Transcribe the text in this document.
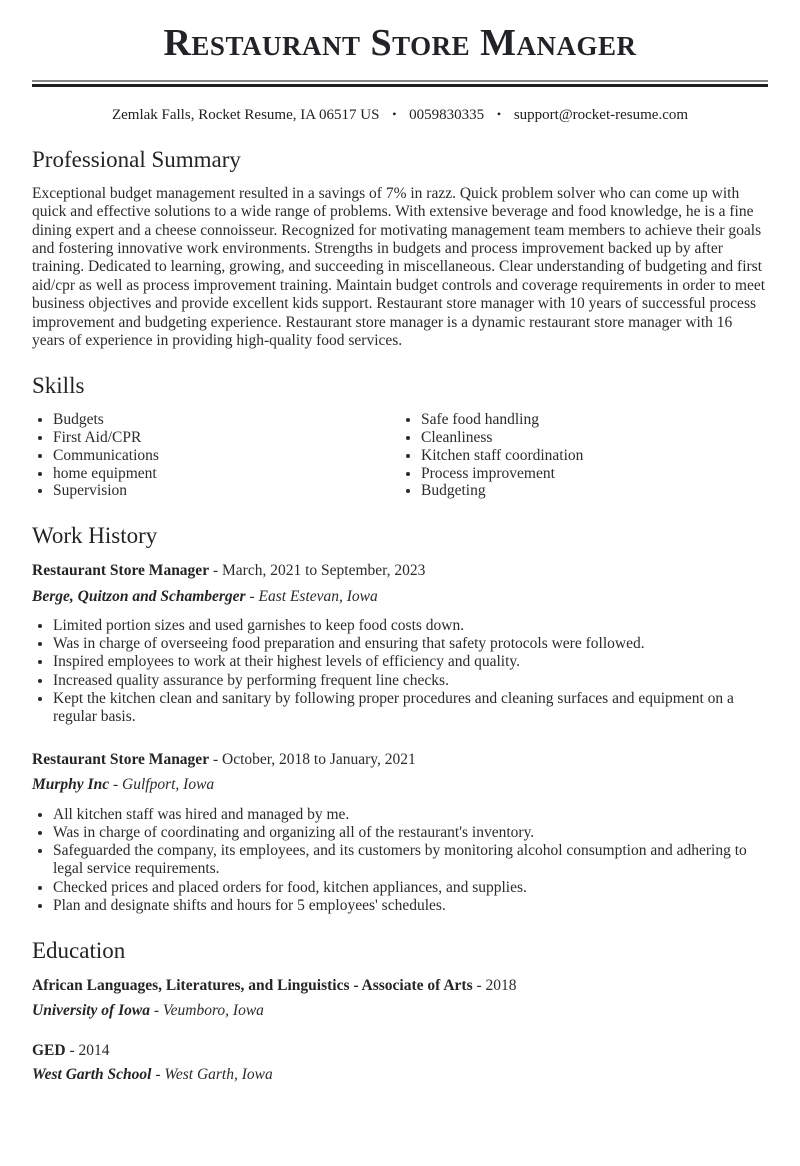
Restaurant Store Manager

Zemlak Falls, Rocket Resume, IA 06517 US • 0059830335 • support@rocket-resume.com

Professional Summary

Exceptional budget management resulted in a savings of 7% in razz. Quick problem solver who can come up with quick and effective solutions to a wide range of problems. With extensive beverage and food knowledge, he is a fine dining expert and a cheese connoisseur. Recognized for motivating management team members to achieve their goals and fostering innovative work environments. Strengths in budgets and process improvement backed up by after training. Dedicated to learning, growing, and succeeding in miscellaneous. Clear understanding of budgeting and first aid/cpr as well as process improvement training. Maintain budget controls and coverage requirements in order to meet business objectives and provide excellent kids support. Restaurant store manager with 10 years of successful process improvement and budgeting experience. Restaurant store manager is a dynamic restaurant store manager with 16 years of experience in providing high-quality food services.

Skills
• Budgets
• First Aid/CPR
• Communications
• home equipment
• Supervision
• Safe food handling
• Cleanliness
• Kitchen staff coordination
• Process improvement
• Budgeting
Work History

Restaurant Store Manager - March, 2021 to September, 2023

Berge, Quitzon and Schamberger - East Estevan, Iowa

• Limited portion sizes and used garnishes to keep food costs down.
• Was in charge of overseeing food preparation and ensuring that safety protocols were followed.
• Inspired employees to work at their highest levels of efficiency and quality.
• Increased quality assurance by performing frequent line checks.
• Kept the kitchen clean and sanitary by following proper procedures and cleaning surfaces and equipment on a regular basis.

Restaurant Store Manager - October, 2018 to January, 2021

Murphy Inc - Gulfport, Iowa

• All kitchen staff was hired and managed by me.
• Was in charge of coordinating and organizing all of the restaurant's inventory.
• Safeguarded the company, its employees, and its customers by monitoring alcohol consumption and adhering to legal service requirements.
• Checked prices and placed orders for food, kitchen appliances, and supplies.
• Plan and designate shifts and hours for 5 employees' schedules.
Education

African Languages, Literatures, and Linguistics - Associate of Arts - 2018

University of Iowa - Veumboro, Iowa

GED - 2014

West Garth School - West Garth, Iowa
